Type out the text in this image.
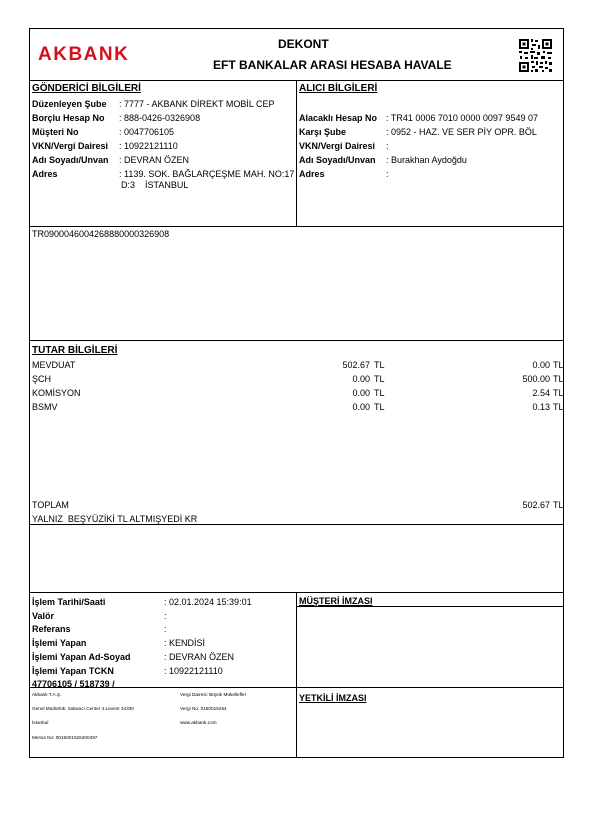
AKBANK	DEKONT
EFT BANKALAR ARASI HESABA HAVALE
GÖNDERİCİ BİLGİLERİ
Düzenleyen Şube : 7777 - AKBANK DİREKT MOBİL CEP
Borçlu Hesap No : 888-0426-0326908
Müşteri No	: 0047706105
VKN/Vergi Dairesi : 10922121110
Adı Soyadı/Unvan : DEVRAN ÖZEN
Adres	: 1139. SOK. BAĞLARÇEŞME MAH. NO:17
D:3    İSTANBUL
ALICI BİLGİLERİ
Alacaklı Hesap No : TR41 0006 7010 0000 0097 9549 07
Karşı Şube	: 0952 - HAZ. VE SER PİY OPR. BÖL
VKN/Vergi Dairesi :
Adı Soyadı/Unvan : Burakhan Aydoğdu
Adres	:
TR0900046004268880000326908
TUTAR BİLGİLERİ
MEVDUAT	502.67 TL	0.00 TL
ŞCH	0.00 TL	500.00 TL
KOMİSYON	0.00 TL	2.54 TL
BSMV	0.00 TL	0.13 TL
TOPLAM	502.67 TL
YALNIZ  BEŞYÜZİKİ TL ALTMIŞYEDİ KR
İşlem Tarihi/Saati	: 02.01.2024 15:39:01
Valör	:
Referans	:
İşlemi Yapan	: KENDİSİ
İşlemi Yapan Ad-Soyad	: DEVRAN ÖZEN
İşlemi Yapan TCKN	: 10922121110
47706105 / 518739 /
MÜŞTERİ İMZASI
YETKİLİ İMZASI
Akbank T.A.Ş.
Genel Müdürlük: Sabancı Center 4.Levent 34330
İstanbul
Mersis No: 0015001526400497
Vergi Dairesi: Büyük Mükellefler
Vergi No: 0150015264
www.akbank.com
